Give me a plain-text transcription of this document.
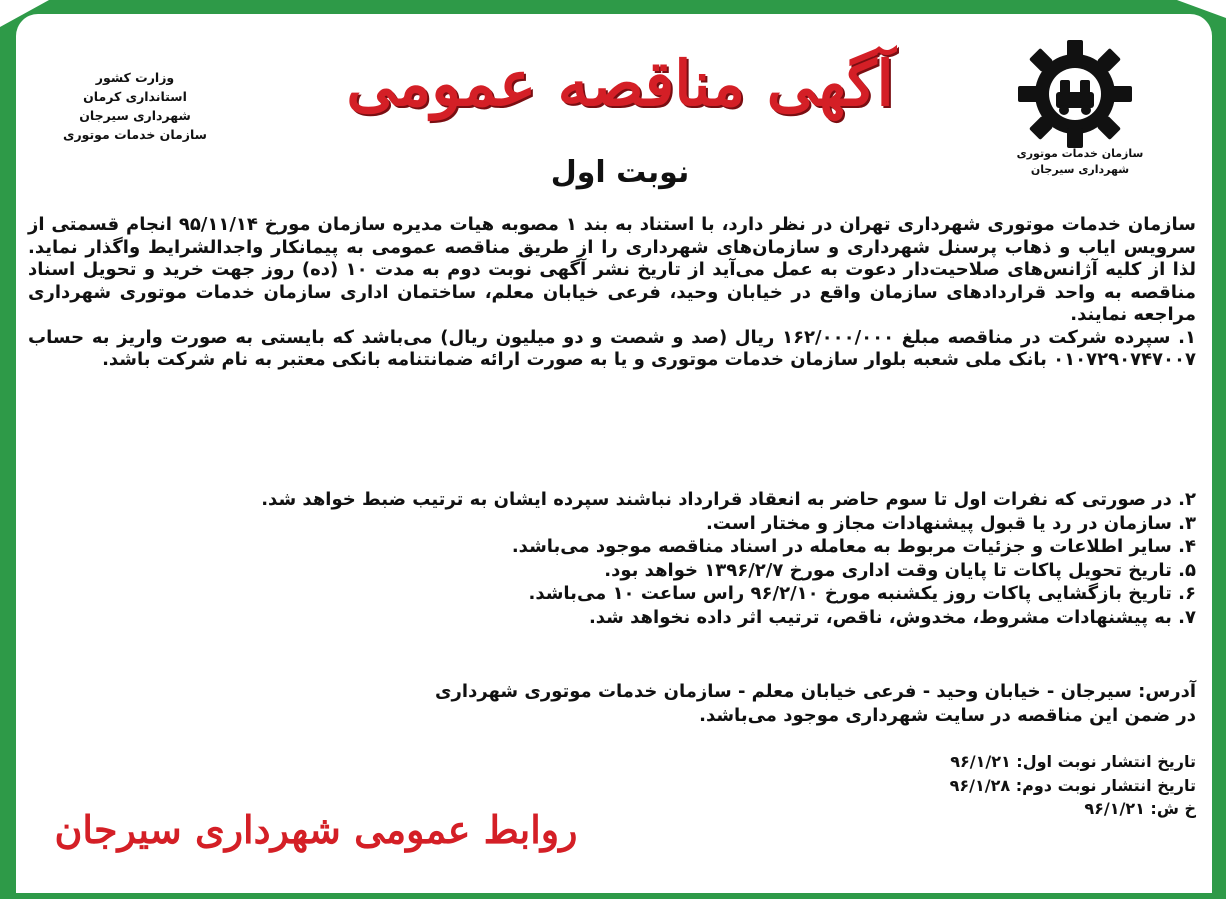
سازمان خدمات موتوری
شهرداری سیرجان
وزارت کشور
استانداری کرمان
شهرداری سیرجان
سازمان خدمات موتوری
آگهی مناقصه عمومی
نوبت اول
سازمان خدمات موتوری شهرداری تهران در نظر دارد، با استناد به بند ۱ مصوبه هیات مدیره سازمان مورخ ۹۵/۱۱/۱۴ انجام قسمتی از سرویس ایاب و ذهاب پرسنل شهرداری و سازمان‌های شهرداری را از طریق مناقصه عمومی به پیمانکار واجدالشرایط واگذار نماید. لذا از کلیه آژانس‌های صلاحیت‌دار دعوت به عمل می‌آید از تاریخ نشر آگهی نوبت دوم به مدت ۱۰ (ده) روز جهت خرید و تحویل اسناد مناقصه به واحد قراردادهای سازمان واقع در خیابان وحید، فرعی خیابان معلم، ساختمان اداری سازمان خدمات موتوری شهرداری مراجعه نمایند.
۱. سپرده شرکت در مناقصه مبلغ ۱۶۲/۰۰۰/۰۰۰ ریال (صد و شصت و دو میلیون ریال) می‌باشد که بایستی به صورت واریز به حساب ۰۱۰۷۲۹۰۷۴۷۰۰۷ بانک ملی شعبه بلوار سازمان خدمات موتوری و یا به صورت ارائه ضمانتنامه بانکی معتبر به نام شرکت باشد.
۲. در صورتی که نفرات اول تا سوم حاضر به انعقاد قرارداد نباشند سپرده ایشان به ترتیب ضبط خواهد شد.
۳. سازمان در رد یا قبول پیشنهادات مجاز و مختار است.
۴. سایر اطلاعات و جزئیات مربوط به معامله در اسناد مناقصه موجود می‌باشد.
۵. تاریخ تحویل پاکات تا پایان وقت اداری مورخ ۱۳۹۶/۲/۷ خواهد بود.
۶. تاریخ بازگشایی پاکات روز یکشنبه مورخ ۹۶/۲/۱۰ راس ساعت ۱۰ می‌باشد.
۷. به پیشنهادات مشروط، مخدوش، ناقص، ترتیب اثر داده نخواهد شد.
آدرس: سیرجان - خیابان وحید - فرعی خیابان معلم - سازمان خدمات موتوری شهرداری
در ضمن این مناقصه در سایت شهرداری موجود می‌باشد.
تاریخ انتشار نوبت اول: ۹۶/۱/۲۱
تاریخ انتشار نوبت دوم: ۹۶/۱/۲۸
خ ش: ۹۶/۱/۲۱
روابط عمومی شهرداری سیرجان
